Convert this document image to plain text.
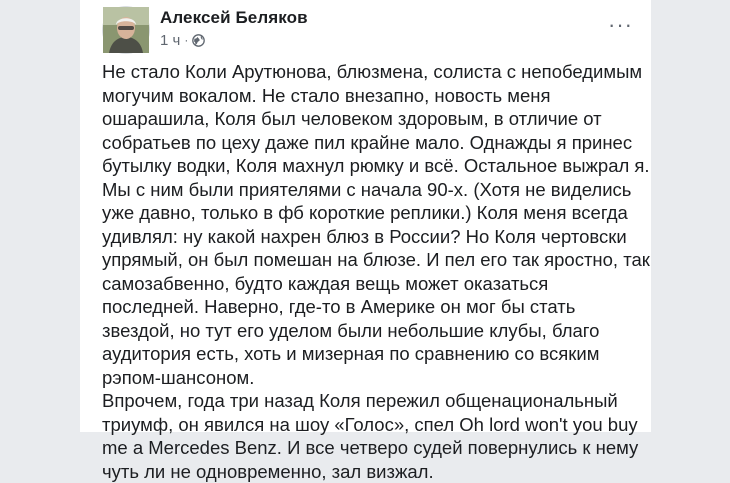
Алексей Беляков
1 ч ·
···

Не стало Коли Арутюнова, блюзмена, солиста с непобедимым могучим вокалом. Не стало внезапно, новость меня ошарашила, Коля был человеком здоровым, в отличие от собратьев по цеху даже пил крайне мало. Однажды я принес бутылку водки, Коля махнул рюмку и всё. Остальное выжрал я.

Мы с ним были приятелями с начала 90-х. (Хотя не виделись уже давно, только в фб короткие реплики.) Коля меня всегда удивлял: ну какой нахрен блюз в России? Но Коля чертовски упрямый, он был помешан на блюзе. И пел его так яростно, так самозабвенно, будто каждая вещь может оказаться последней. Наверно, где-то в Америке он мог бы стать звездой, но тут его уделом были небольшие клубы, благо аудитория есть, хоть и мизерная по сравнению со всяким рэпом-шансоном.

Впрочем, года три назад Коля пережил общенациональный триумф, он явился на шоу «Голос», спел Oh lord won't you buy me a Mercedes Benz. И все четверо судей повернулись к нему чуть ли не одновременно, зал визжал.
